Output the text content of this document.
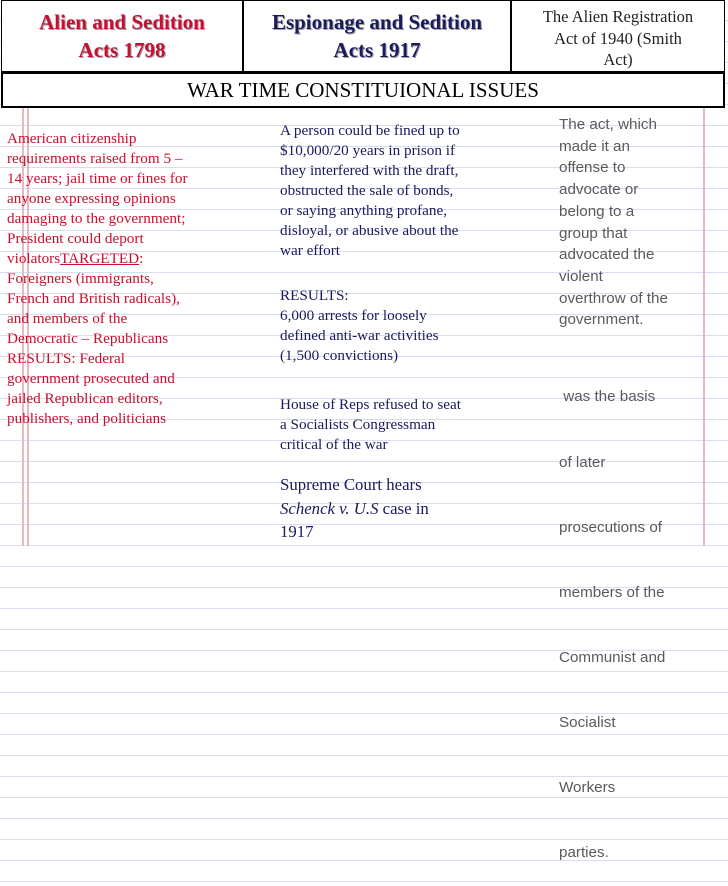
Alien and Sedition
Acts 1798
Espionage and Sedition
Acts 1917
The Alien Registration
Act of 1940 (Smith
Act)
WAR TIME CONSTITUIONAL ISSUES
American citizenship
requirements raised from 5 –
14 years; jail time or fines for
anyone expressing opinions
damaging to the government;
President could deport
violatorsTARGETED:
Foreigners (immigrants,
French and British radicals),
and members of the
Democratic – Republicans
RESULTS: Federal
government prosecuted and
jailed Republican editors,
publishers, and politicians
A person could be fined up to
$10,000/20 years in prison if
they interfered with the draft,
obstructed the sale of bonds,
or saying anything profane,
disloyal, or abusive about the
war effort
RESULTS:
6,000 arrests for loosely
defined anti-war activities
(1,500 convictions)
House of Reps refused to seat
a Socialists Congressman
critical of the war
Supreme Court hears
Schenck v. U.S case in
1917
The act, which
made it an
offense to
advocate or
belong to a
group that
advocated the
violent
overthrow of the
government.

was the basis

of later

prosecutions of

members of the

Communist and

Socialist

Workers

parties.
